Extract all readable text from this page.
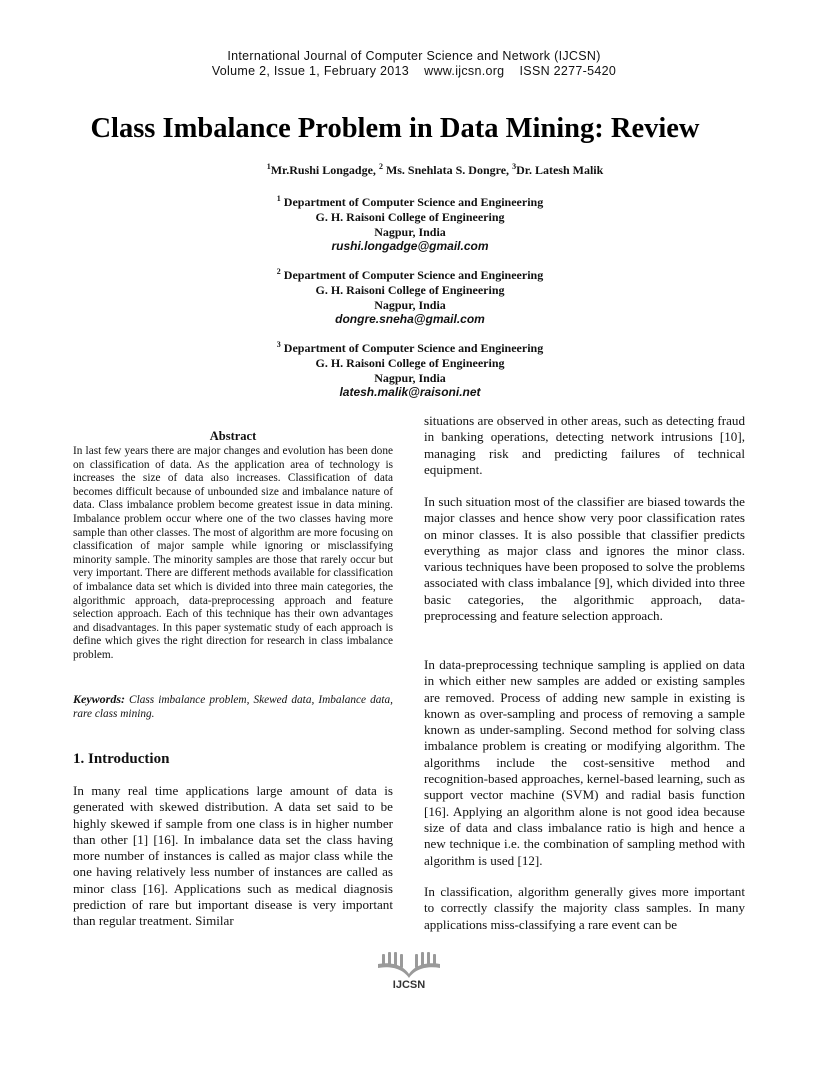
International Journal of Computer Science and Network (IJCSN)
Volume 2, Issue 1, February 2013    www.ijcsn.org    ISSN 2277-5420
Class Imbalance Problem in Data Mining: Review
$^1$Mr.Rushi Longadge, $^2$ Ms. Snehlata S. Dongre, $^3$Dr. Latesh Malik
$^1$ Department of Computer Science and Engineering
G. H. Raisoni College of Engineering
Nagpur, India
rushi.longadge@gmail.com
$^2$ Department of Computer Science and Engineering
G. H. Raisoni College of Engineering
Nagpur, India
dongre.sneha@gmail.com
$^3$ Department of Computer Science and Engineering
G. H. Raisoni College of Engineering
Nagpur, India
latesh.malik@raisoni.net
Abstract
In last few years there are major changes and evolution has been done on classification of data. As the application area of technology is increases the size of data also increases. Classification of data becomes difficult because of unbounded size and imbalance nature of data. Class imbalance problem become greatest issue in data mining. Imbalance problem occur where one of the two classes having more sample than other classes. The most of algorithm are more focusing on classification of major sample while ignoring or misclassifying minority sample. The minority samples are those that rarely occur but very important. There are different methods available for classification of imbalance data set which is divided into three main categories, the algorithmic approach, data-preprocessing approach and feature selection approach. Each of this technique has their own advantages and disadvantages. In this paper systematic study of each approach is define which gives the right direction for research in class imbalance problem.
Keywords: Class imbalance problem, Skewed data, Imbalance data, rare class mining.
1. Introduction
In many real time applications large amount of data is generated with skewed distribution. A data set said to be highly skewed if sample from one class is in higher number than other [1] [16]. In imbalance data set the class having more number of instances is called as major class while the one having relatively less number of instances are called as minor class [16]. Applications such as medical diagnosis prediction of rare but important disease is very important than regular treatment. Similar

situations are observed in other areas, such as detecting fraud in banking operations, detecting network intrusions [10], managing risk and predicting failures of technical equipment.

In such situation most of the classifier are biased towards the major classes and hence show very poor classification rates on minor classes. It is also possible that classifier predicts everything as major class and ignores the minor class. various techniques have been proposed to solve the problems associated with class imbalance [9], which divided into three basic categories, the algorithmic approach, data-preprocessing and feature selection approach.

In data-preprocessing technique sampling is applied on data in which either new samples are added or existing samples are removed. Process of adding new sample in existing is known as over-sampling and process of removing a sample known as under-sampling. Second method for solving class imbalance problem is creating or modifying algorithm. The algorithms include the cost-sensitive method and recognition-based approaches, kernel-based learning, such as support vector machine (SVM) and radial basis function [16]. Applying an algorithm alone is not good idea because size of data and class imbalance ratio is high and hence a new technique i.e. the combination of sampling method with algorithm is used [12].

In classification, algorithm generally gives more important to correctly classify the majority class samples. In many applications miss-classifying a rare event can be

IJCSN
